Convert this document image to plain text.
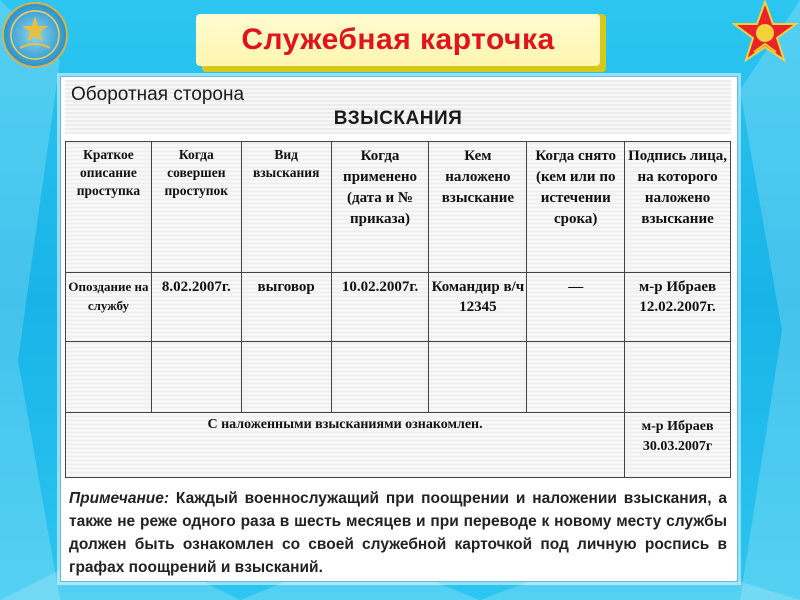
Служебная карточка
Оборотная сторона
ВЗЫСКАНИЯ
Краткое описание проступка	Когда совершен проступок	Вид взыскания	Когда применено (дата и № приказа)	Кем наложено взыскание	Когда снято (кем или по истечении срока)	Подпись лица, на которого наложено взыскание
Опоздание на службу	8.02.2007г.	выговор	10.02.2007г.	Командир в/ч 12345	—	м-р Ибраев 12.02.2007г.

С наложенными взысканиями ознакомлен.						м-р Ибраев 30.03.2007г
Примечание: Каждый военнослужащий при поощрении и наложении взыскания, а также не реже одного раза в шесть месяцев и при переводе к новому месту службы должен быть ознакомлен со своей служебной карточкой под личную роспись в графах поощрений и взысканий.
